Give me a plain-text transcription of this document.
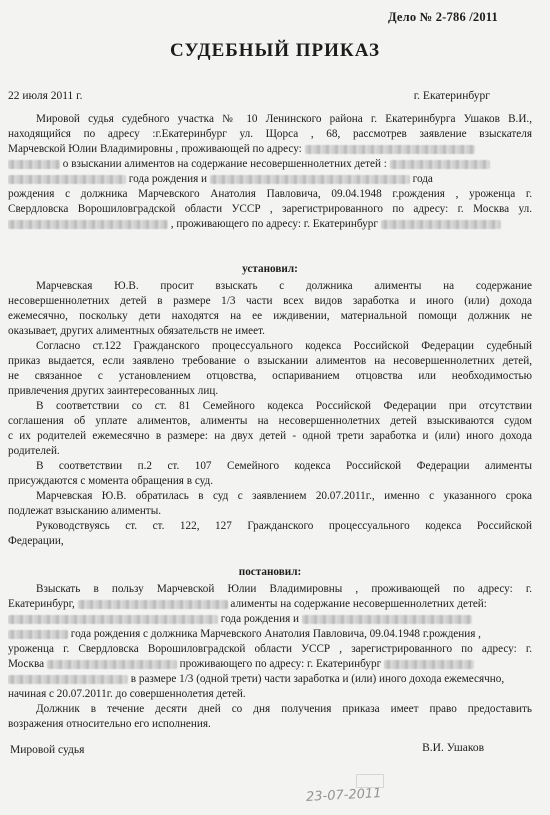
Дело № 2-786 /2011
СУДЕБНЫЙ ПРИКАЗ
22 июля 2011 г.	г. Екатеринбург
Мировой судья судебного участка № 10 Ленинского района г. Екатеринбурга Ушаков В.И.,
находящийся по адресу :г.Екатеринбург ул. Щорса , 68, рассмотрев заявление взыскателя
Марчевской Юлии Владимировны , проживающей по адресу:
о взыскании алиментов на содержание несовершеннолетних детей :
года рождения и	года
рождения с должника Марчевского Анатолия Павловича, 09.04.1948 г.рождения , уроженца г.
Свердловска Ворошиловградской области УССР , зарегистрированного по адресу: г. Москва ул.
, проживающего по адресу: г. Екатеринбург
установил:
Марчевская Ю.В. просит взыскать с должника алименты на содержание
несовершеннолетних детей в размере 1/3 части всех видов заработка и иного (или) дохода
ежемесячно, поскольку дети находятся на ее иждивении, материальной помощи должник не
оказывает, других алиментных обязательств не имеет.
Согласно ст.122 Гражданского процессуального кодекса Российской Федерации судебный
приказ выдается, если заявлено требование о взыскании алиментов на несовершеннолетних детей,
не связанное с установлением отцовства, оспариванием отцовства или необходимостью
привлечения других заинтересованных лиц.
В соответствии со ст. 81 Семейного кодекса Российской Федерации при отсутствии
соглашения об уплате алиментов, алименты на несовершеннолетних детей взыскиваются судом
с их родителей ежемесячно в размере: на двух детей - одной трети заработка и (или) иного дохода
родителей.
В соответствии п.2 ст. 107 Семейного кодекса Российской Федерации алименты
присуждаются с момента обращения в суд.
Марчевская Ю.В. обратилась в суд с заявлением 20.07.2011г., именно с указанного срока
подлежат взысканию алименты.
Руководствуясь ст. ст. 122, 127 Гражданского процессуального кодекса Российской
Федерации,
постановил:
Взыскать в пользу Марчевской Юлии Владимировны , проживающей по адресу: г.
Екатеринбург,	алименты на содержание несовершеннолетних детей:
года рождения и
года рождения с должника Марчевского Анатолия Павловича, 09.04.1948 г.рождения ,
уроженца г. Свердловска Ворошиловградской области УССР , зарегистрированного по адресу: г.
Москва	проживающего по адресу: г. Екатеринбург
в размере 1/3 (одной трети) части заработка и (или) иного дохода ежемесячно,
начиная с 20.07.2011г. до совершеннолетия детей.
Должник в течение десяти дней со дня получения приказа имеет право предоставить
возражения относительно его исполнения.
Мировой судья	В.И. Ушаков
23-07-2011
